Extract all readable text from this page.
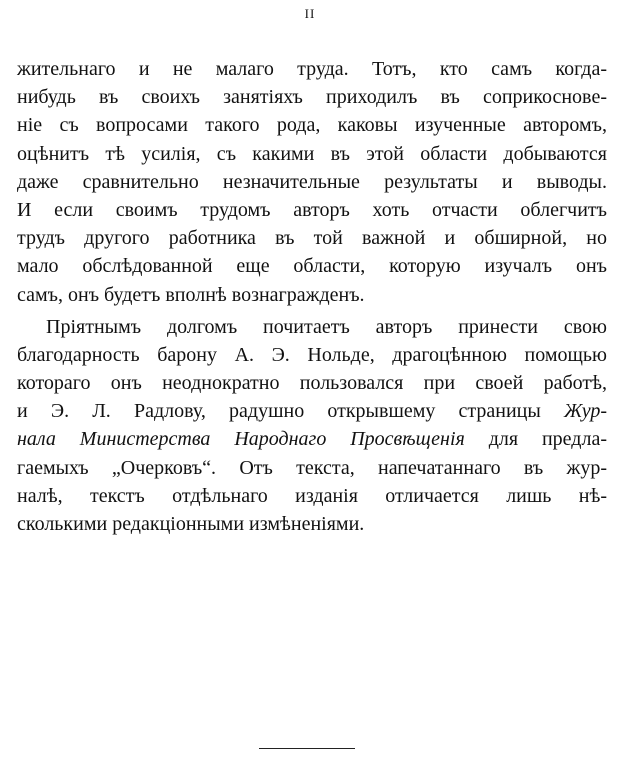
II
жительнаго и не малаго труда. Тотъ, кто самъ когда-
нибудь въ своихъ занятіяхъ приходилъ въ соприкосновe-
ніе съ вопросами такого рода, каковы изученные авторомъ,
оцѣнитъ тѣ усилія, съ какими въ этой области добываются
даже сравнительно незначительные результаты и выводы.
И если своимъ трудомъ авторъ хоть отчасти облегчитъ
трудъ другого работника въ той важной и обширной, но
мало обслѣдованной еще области, которую изучалъ онъ
самъ, онъ будетъ вполнѣ вознагражденъ.
Пріятнымъ долгомъ почитаетъ авторъ принести свою
благодарность барону А. Э. Нольде, драгоцѣнною помощью
котораго онъ неоднократно пользовался при своей работѣ,
и Э. Л. Радлову, радушно открывшему страницы Жур-
нала Министерства Народнаго Просвѣщенія для предла-
гаемыхъ „Очерковъ“. Отъ текста, напечатаннаго въ жур-
налѣ, текстъ отдѣльнаго изданія отличается лишь нѣ-
сколькими редакціонными измѣненіями.
